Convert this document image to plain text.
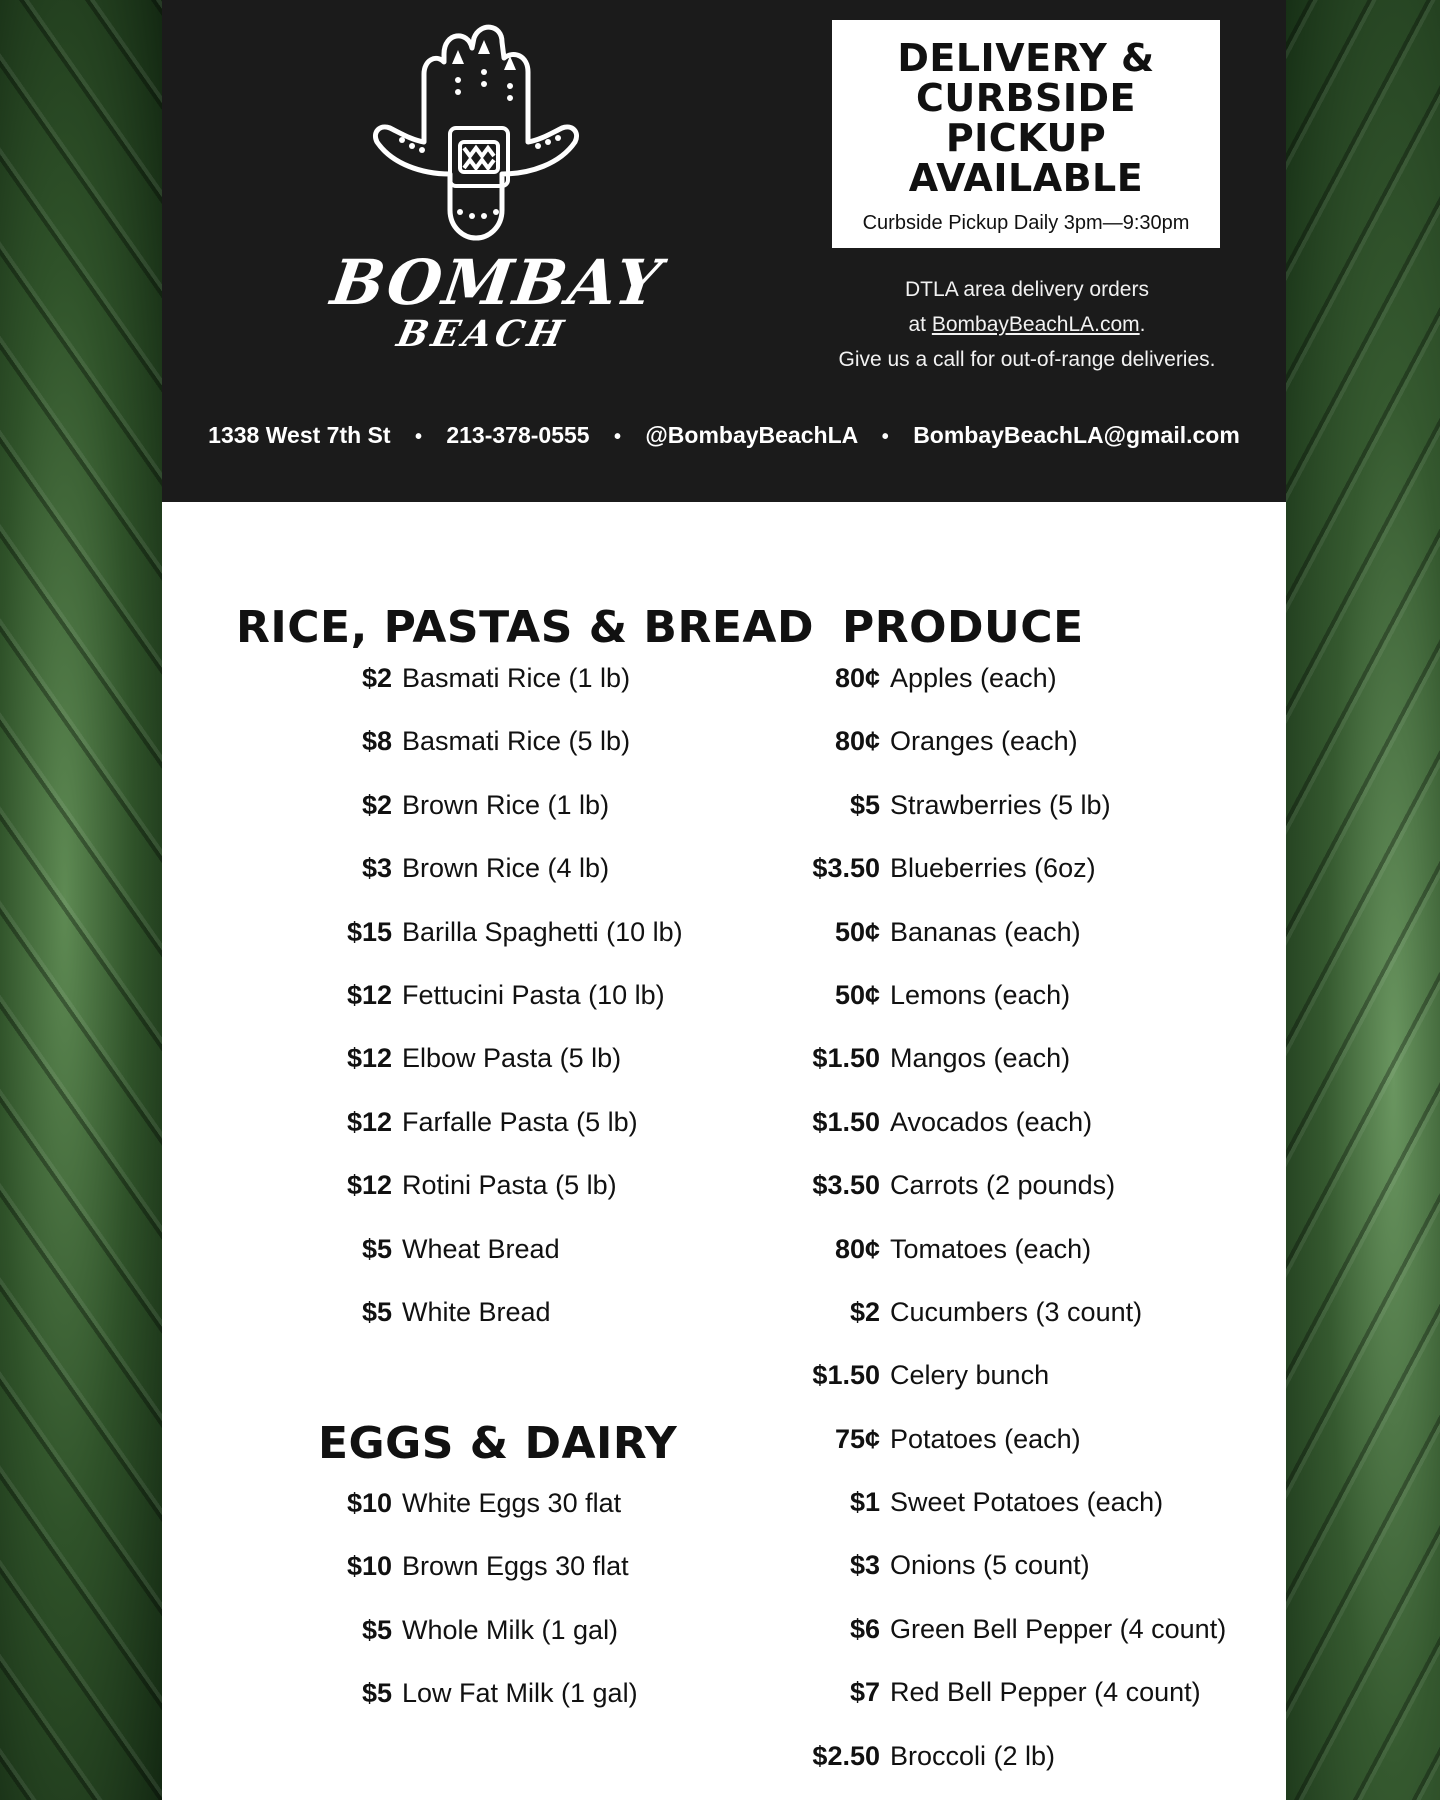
BOMBAY
BEACH
DELIVERY &
CURBSIDE
PICKUP
AVAILABLE
Curbside Pickup Daily 3pm—9:30pm
DTLA area delivery orders
at BombayBeachLA.com.
Give us a call for out-of-range deliveries.
1338 West 7th St • 213-378-0555 • @BombayBeachLA • BombayBeachLA@gmail.com
RICE, PASTAS & BREAD
$2 Basmati Rice (1 lb)
$8 Basmati Rice (5 lb)
$2 Brown Rice (1 lb)
$3 Brown Rice (4 lb)
$15 Barilla Spaghetti (10 lb)
$12 Fettucini Pasta (10 lb)
$12 Elbow Pasta (5 lb)
$12 Farfalle Pasta (5 lb)
$12 Rotini Pasta (5 lb)
$5 Wheat Bread
$5 White Bread
EGGS & DAIRY
$10 White Eggs 30 flat
$10 Brown Eggs 30 flat
$5 Whole Milk (1 gal)
$5 Low Fat Milk (1 gal)
PRODUCE
80¢ Apples (each)
80¢ Oranges (each)
$5 Strawberries (5 lb)
$3.50 Blueberries (6oz)
50¢ Bananas (each)
50¢ Lemons (each)
$1.50 Mangos (each)
$1.50 Avocados (each)
$3.50 Carrots (2 pounds)
80¢ Tomatoes (each)
$2 Cucumbers (3 count)
$1.50 Celery bunch
75¢ Potatoes (each)
$1 Sweet Potatoes (each)
$3 Onions (5 count)
$6 Green Bell Pepper (4 count)
$7 Red Bell Pepper (4 count)
$2.50 Broccoli (2 lb)
